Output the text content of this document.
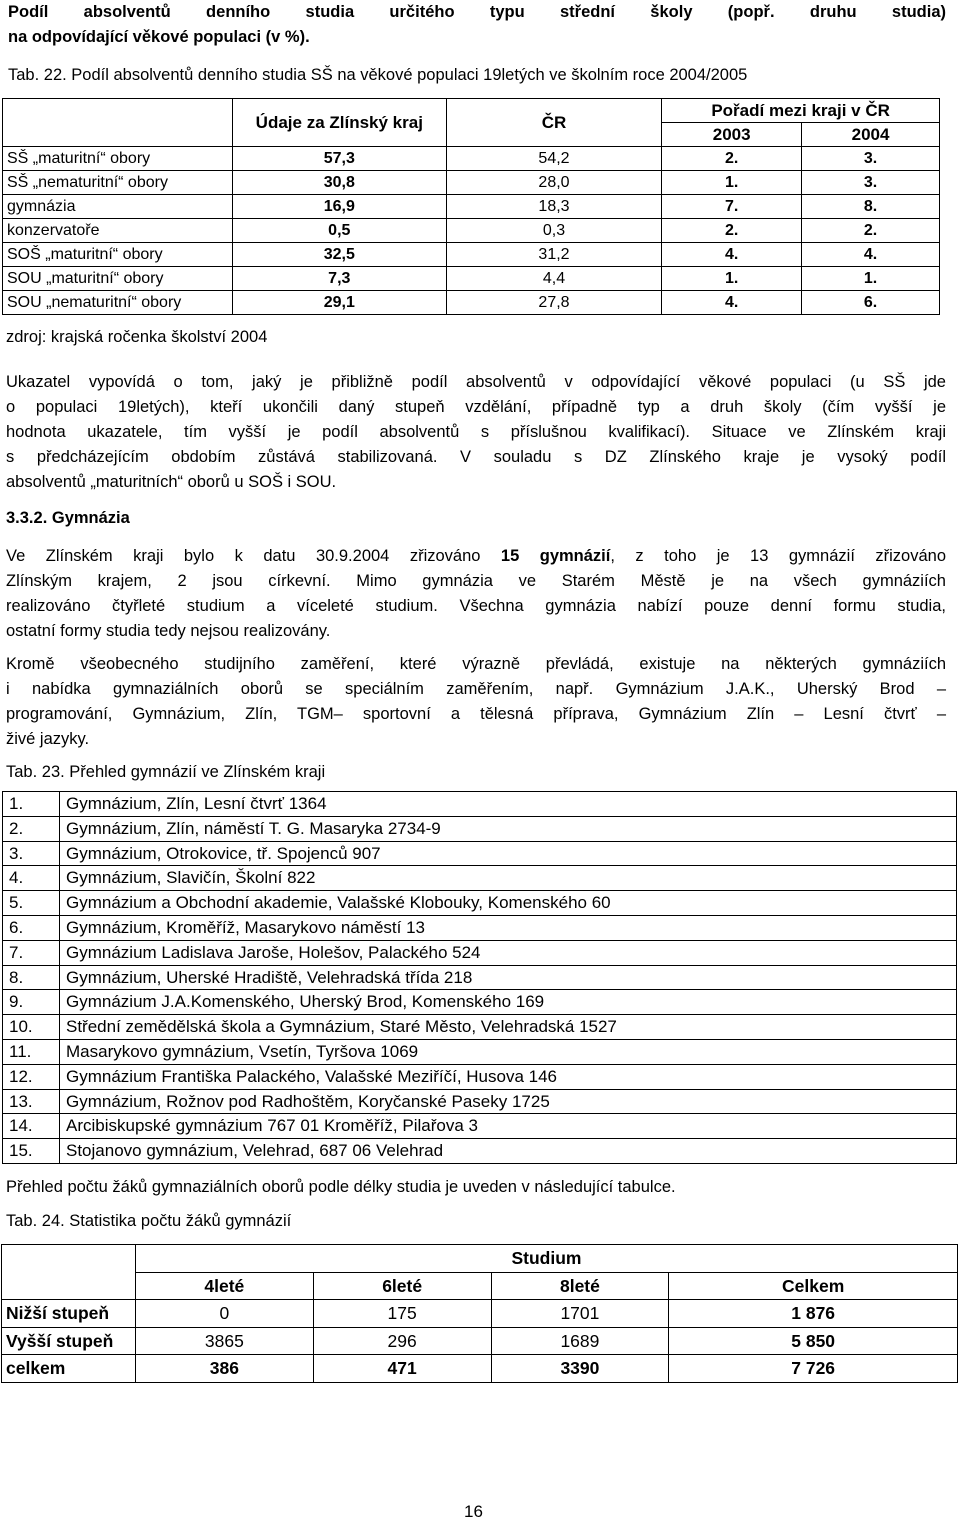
Podíl absolventů denního studia určitého typu střední školy (popř. druhu studia)
na odpovídající věkové populaci (v %).
Tab. 22. Podíl absolventů denního studia SŠ na věkové populaci 19letých ve školním roce 2004/2005
	Údaje za Zlínský kraj	ČR	Pořadí mezi kraji v ČR	
			2003	2004
SŠ „maturitní“ obory	57,3	54,2	2.	3.
SŠ „nematuritní“ obory	30,8	28,0	1.	3.
gymnázia	16,9	18,3	7.	8.
konzervatoře	0,5	0,3	2.	2.
SOŠ „maturitní“ obory	32,5	31,2	4.	4.
SOU „maturitní“ obory	7,3	4,4	1.	1.
SOU „nematuritní“ obory	29,1	27,8	4.	6.
zdroj: krajská ročenka školství 2004
Ukazatel vypovídá o tom, jaký je přibližně podíl absolventů v odpovídající věkové populaci (u SŠ jde
o populaci 19letých), kteří ukončili daný stupeň vzdělání, případně typ a druh školy (čím vyšší je
hodnota ukazatele, tím vyšší je podíl absolventů s příslušnou kvalifikací). Situace ve Zlínském kraji
s předcházejícím obdobím zůstává stabilizovaná. V souladu s DZ Zlínského kraje je vysoký podíl
absolventů „maturitních“ oborů u SOŠ i SOU.
3.3.2. Gymnázia
Ve Zlínském kraji bylo k datu 30.9.2004 zřizováno 15 gymnázií, z toho je 13 gymnázií zřizováno
Zlínským krajem, 2 jsou církevní. Mimo gymnázia ve Starém Městě je na všech gymnáziích
realizováno čtyřleté studium a víceleté studium. Všechna gymnázia nabízí pouze denní formu studia,
ostatní formy studia tedy nejsou realizovány.
Kromě všeobecného studijního zaměření, které výrazně převládá, existuje na některých gymnáziích
i nabídka gymnaziálních oborů se speciálním zaměřením, např. Gymnázium J.A.K., Uherský Brod –
programování, Gymnázium, Zlín, TGM– sportovní a tělesná příprava, Gymnázium Zlín – Lesní čtvrť –
živé jazyky.
Tab. 23. Přehled gymnázií ve Zlínském kraji
1.	Gymnázium, Zlín, Lesní čtvrť 1364
2.	Gymnázium, Zlín, náměstí T. G. Masaryka 2734-9
3.	Gymnázium, Otrokovice, tř. Spojenců 907
4.	Gymnázium, Slavičín, Školní 822
5.	Gymnázium a Obchodní akademie, Valašské Klobouky, Komenského 60
6.	Gymnázium, Kroměříž, Masarykovo náměstí 13
7.	Gymnázium Ladislava Jaroše, Holešov, Palackého 524
8.	Gymnázium, Uherské Hradiště, Velehradská třída 218
9.	Gymnázium J.A.Komenského, Uherský Brod, Komenského 169
10.	Střední zemědělská škola a Gymnázium, Staré Město, Velehradská 1527
11.	Masarykovo gymnázium, Vsetín, Tyršova 1069
12.	Gymnázium Františka Palackého, Valašské Meziříčí, Husova 146
13.	Gymnázium, Rožnov pod Radhoštěm, Koryčanské Paseky 1725
14.	Arcibiskupské gymnázium 767 01 Kroměříž, Pilařova 3
15.	Stojanovo gymnázium, Velehrad, 687 06 Velehrad
Přehled počtu žáků gymnaziálních oborů podle délky studia je uveden v následující tabulce.
Tab. 24. Statistika počtu žáků gymnázií
	Studium			
	4leté	6leté	8leté	Celkem
Nižší stupeň	0	175	1701	1 876
Vyšší stupeň	3865	296	1689	5 850
celkem	386	471	3390	7 726
16
